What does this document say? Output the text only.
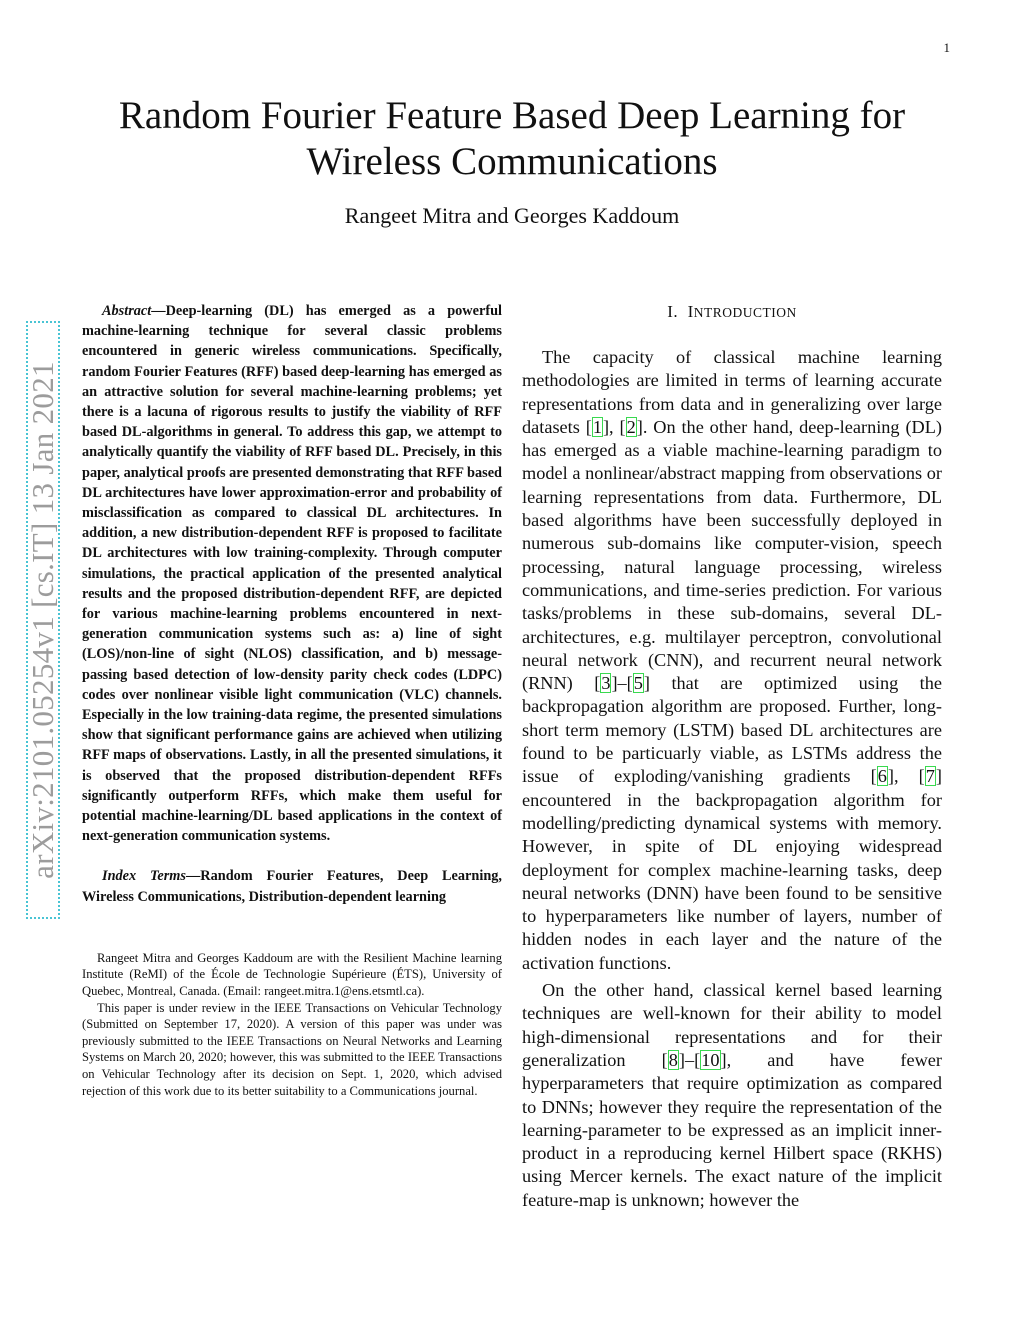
1
Random Fourier Feature Based Deep Learning for Wireless Communications
Rangeet Mitra and Georges Kaddoum
arXiv:2101.05254v1 [cs.IT] 13 Jan 2021

Abstract—Deep-learning (DL) has emerged as a powerful machine-learning technique for several classic problems encountered in generic wireless communications. Specifically, random Fourier Features (RFF) based deep-learning has emerged as an attractive solution for several machine-learning problems; yet there is a lacuna of rigorous results to justify the viability of RFF based DL-algorithms in general. To address this gap, we attempt to analytically quantify the viability of RFF based DL. Precisely, in this paper, analytical proofs are presented demonstrating that RFF based DL architectures have lower approximation-error and probability of misclassification as compared to classical DL architectures. In addition, a new distribution-dependent RFF is proposed to facilitate DL architectures with low training-complexity. Through computer simulations, the practical application of the presented analytical results and the proposed distribution-dependent RFF, are depicted for various machine-learning problems encountered in next-generation communication systems such as: a) line of sight (LOS)/non-line of sight (NLOS) classification, and b) message-passing based detection of low-density parity check codes (LDPC) codes over nonlinear visible light communication (VLC) channels. Especially in the low training-data regime, the presented simulations show that significant performance gains are achieved when utilizing RFF maps of observations. Lastly, in all the presented simulations, it is observed that the proposed distribution-dependent RFFs significantly outperform RFFs, which make them useful for potential machine-learning/DL based applications in the context of next-generation communication systems.

Index Terms—Random Fourier Features, Deep Learning, Wireless Communications, Distribution-dependent learning

Rangeet Mitra and Georges Kaddoum are with the Resilient Machine learning Institute (ReMI) of the École de Technologie Supérieure (ÉTS), University of Quebec, Montreal, Canada. (Email: rangeet.mitra.1@ens.etsmtl.ca).

This paper is under review in the IEEE Transactions on Vehicular Technology (Submitted on September 17, 2020). A version of this paper was under was previously submitted to the IEEE Transactions on Neural Networks and Learning Systems on March 20, 2020; however, this was submitted to the IEEE Transactions on Vehicular Technology after its decision on Sept. 1, 2020, which advised rejection of this work due to its better suitability to a Communications journal.

I. INTRODUCTION

The capacity of classical machine learning methodologies are limited in terms of learning accurate representations from data and in generalizing over large datasets [1], [2]. On the other hand, deep-learning (DL) has emerged as a viable machine-learning paradigm to model a nonlinear/abstract mapping from observations or learning representations from data. Furthermore, DL based algorithms have been successfully deployed in numerous sub-domains like computer-vision, speech processing, natural language processing, wireless communications, and time-series prediction. For various tasks/problems in these sub-domains, several DL-architectures, e.g. multilayer perceptron, convolutional neural network (CNN), and recurrent neural network (RNN) [3]–[5] that are optimized using the backpropagation algorithm are proposed. Further, long-short term memory (LSTM) based DL architectures are found to be particuarly viable, as LSTMs address the issue of exploding/vanishing gradients [6], [7] encountered in the backpropagation algorithm for modelling/predicting dynamical systems with memory. However, in spite of DL enjoying widespread deployment for complex machine-learning tasks, deep neural networks (DNN) have been found to be sensitive to hyperparameters like number of layers, number of hidden nodes in each layer and the nature of the activation functions.

On the other hand, classical kernel based learning techniques are well-known for their ability to model high-dimensional representations and for their generalization [8]–[10], and have fewer hyperparameters that require optimization as compared to DNNs; however they require the representation of the learning-parameter to be expressed as an implicit inner-product in a reproducing kernel Hilbert space (RKHS) using Mercer kernels. The exact nature of the implicit feature-map is unknown; however the
